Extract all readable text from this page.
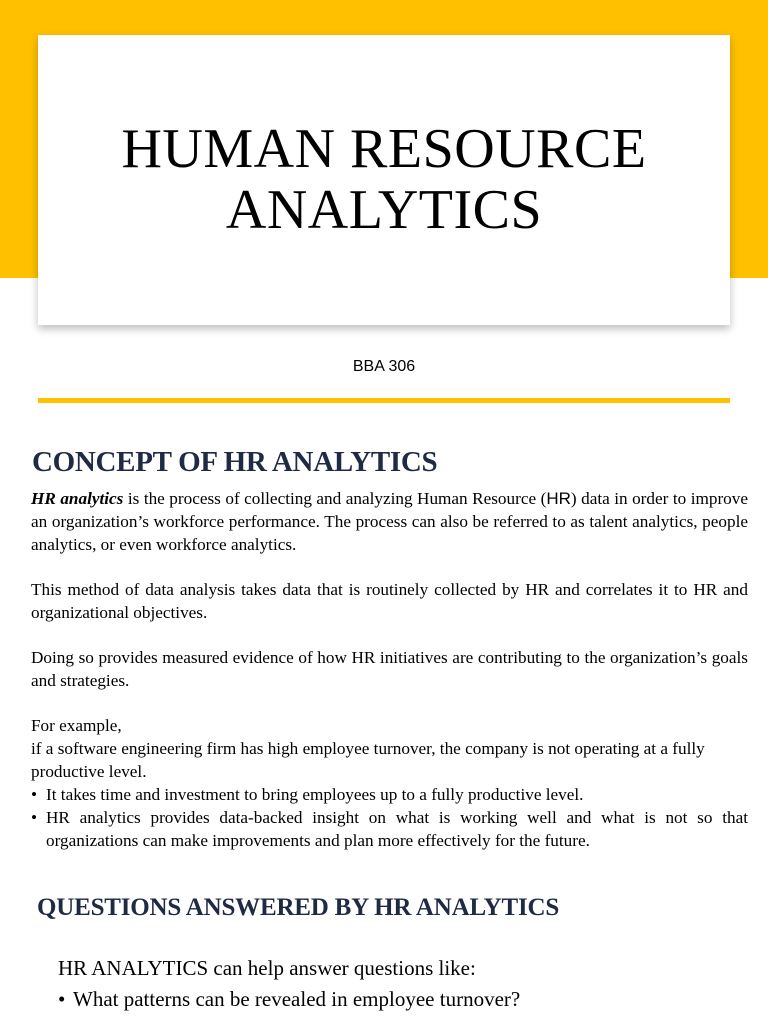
HUMAN RESOURCE
ANALYTICS
BBA 306
CONCEPT OF HR ANALYTICS

HR analytics is the process of collecting and analyzing Human Resource (HR) data in order to improve an organization’s workforce performance. The process can also be referred to as talent analytics, people analytics, or even workforce analytics.

This method of data analysis takes data that is routinely collected by HR and correlates it to HR and organizational objectives.

Doing so provides measured evidence of how HR initiatives are contributing to the organization’s goals and strategies.

For example,

if a software engineering firm has high employee turnover, the company is not operating at a fully productive level.

• It takes time and investment to bring employees up to a fully productive level.
• HR analytics provides data-backed insight on what is working well and what is not so that organizations can make improvements and plan more effectively for the future.
QUESTIONS ANSWERED BY HR ANALYTICS

HR ANALYTICS can help answer questions like:

• What patterns can be revealed in employee turnover?
